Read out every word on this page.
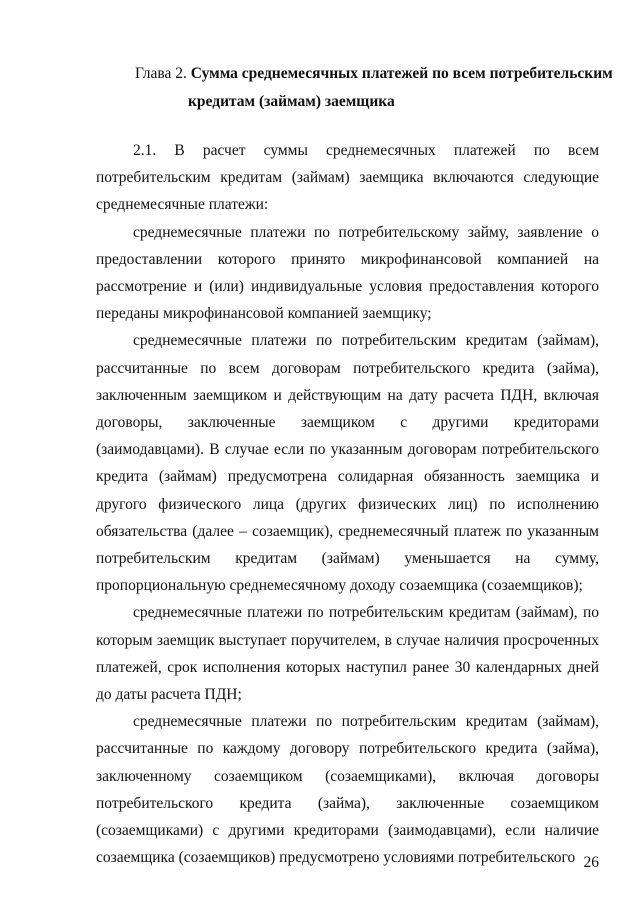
Глава 2. Сумма среднемесячных платежей по всем потребительским
кредитам (займам) заемщика

2.1. В расчет суммы среднемесячных платежей по всем потребительским кредитам (займам) заемщика включаются следующие среднемесячные платежи:

среднемесячные платежи по потребительскому займу, заявление о предоставлении которого принято микрофинансовой компанией на рассмотрение и (или) индивидуальные условия предоставления которого переданы микрофинансовой компанией заемщику;

среднемесячные платежи по потребительским кредитам (займам), рассчитанные по всем договорам потребительского кредита (займа), заключенным заемщиком и действующим на дату расчета ПДН, включая договоры, заключенные заемщиком с другими кредиторами (заимодавцами). В случае если по указанным договорам потребительского кредита (займам) предусмотрена солидарная обязанность заемщика и другого физического лица (других физических лиц) по исполнению обязательства (далее – созаемщик), среднемесячный платеж по указанным потребительским кредитам (займам) уменьшается на сумму, пропорциональную среднемесячному доходу созаемщика (созаемщиков);

среднемесячные платежи по потребительским кредитам (займам), по которым заемщик выступает поручителем, в случае наличия просроченных платежей, срок исполнения которых наступил ранее 30 календарных дней до даты расчета ПДН;

среднемесячные платежи по потребительским кредитам (займам), рассчитанные по каждому договору потребительского кредита (займа), заключенному созаемщиком (созаемщиками), включая договоры потребительского кредита (займа), заключенные созаемщиком (созаемщиками) с другими кредиторами (заимодавцами), если наличие созаемщика (созаемщиков) предусмотрено условиями потребительского 26
